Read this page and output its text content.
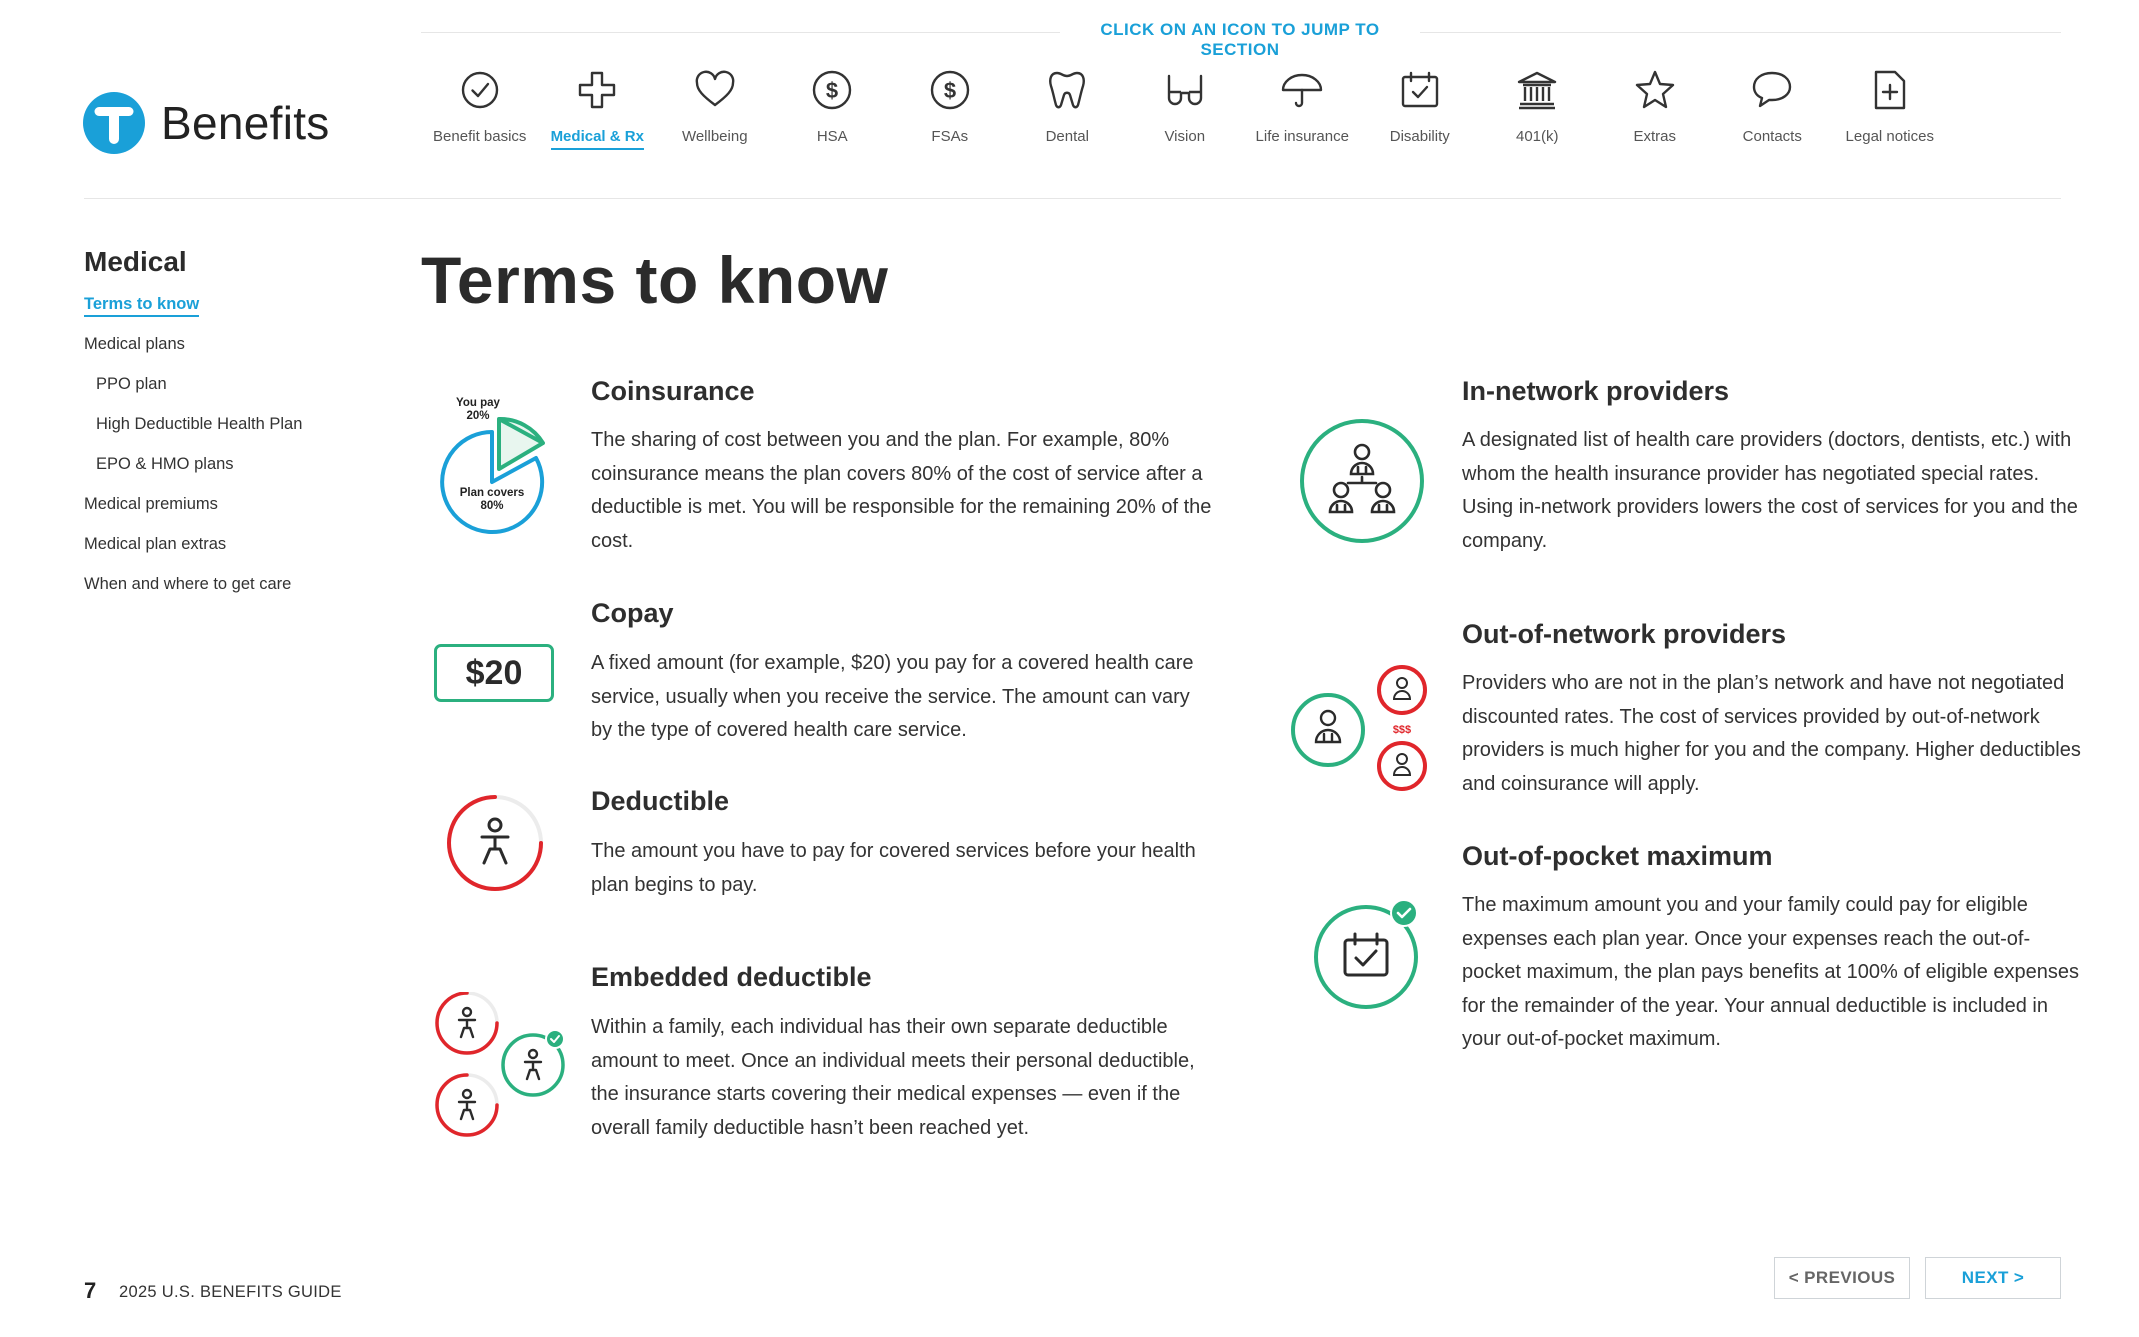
CLICK ON AN ICON TO JUMP TO SECTION
Benefits	Benefit basics Medical & Rx	Wellbeing
$
HSA
$
FSAs	Dental	Vision	Life insurance	Disability	401(k)	Extras	Contacts	Legal notices
Medical
Terms to know
Medical plans
PPO plan
High Deductible Health Plan
EPO & HMO plans
Medical premiums
Medical plan extras
When and where to get care
Terms to know
You pay
20%
Plan covers
80%
Coinsurance

The sharing of cost between you and the plan. For example, 80% coinsurance means the plan covers 80% of the cost of service after a deductible is met. You will be responsible for the remaining 20% of the cost.

$20
Copay

A fixed amount (for example, $20) you pay for a covered health care service, usually when you receive the service. The amount can vary by the type of covered health care service.

Deductible

The amount you have to pay for covered services before your health plan begins to pay.

Embedded deductible

Within a family, each individual has their own separate deductible amount to meet. Once an individual meets their personal deductible, the insurance starts covering their medical expenses — even if the overall family deductible hasn’t been reached yet.

In-network providers

A designated list of health care providers (doctors, dentists, etc.) with whom the health insurance provider has negotiated special rates. Using in-network providers lowers the cost of services for you and the company.

$$$
Out-of-network providers

Providers who are not in the plan’s network and have not negotiated discounted rates. The cost of services provided by out-of-network providers is much higher for you and the company. Higher deductibles and coinsurance will apply.

Out-of-pocket maximum

The maximum amount you and your family could pay for eligible expenses each plan year. Once your expenses reach the out-of-pocket maximum, the plan pays benefits at 100% of eligible expenses for the remainder of the year. Your annual deductible is included in your out-of-pocket maximum.

7 2025 U.S. BENEFITS GUIDE
< PREVIOUS	NEXT >
